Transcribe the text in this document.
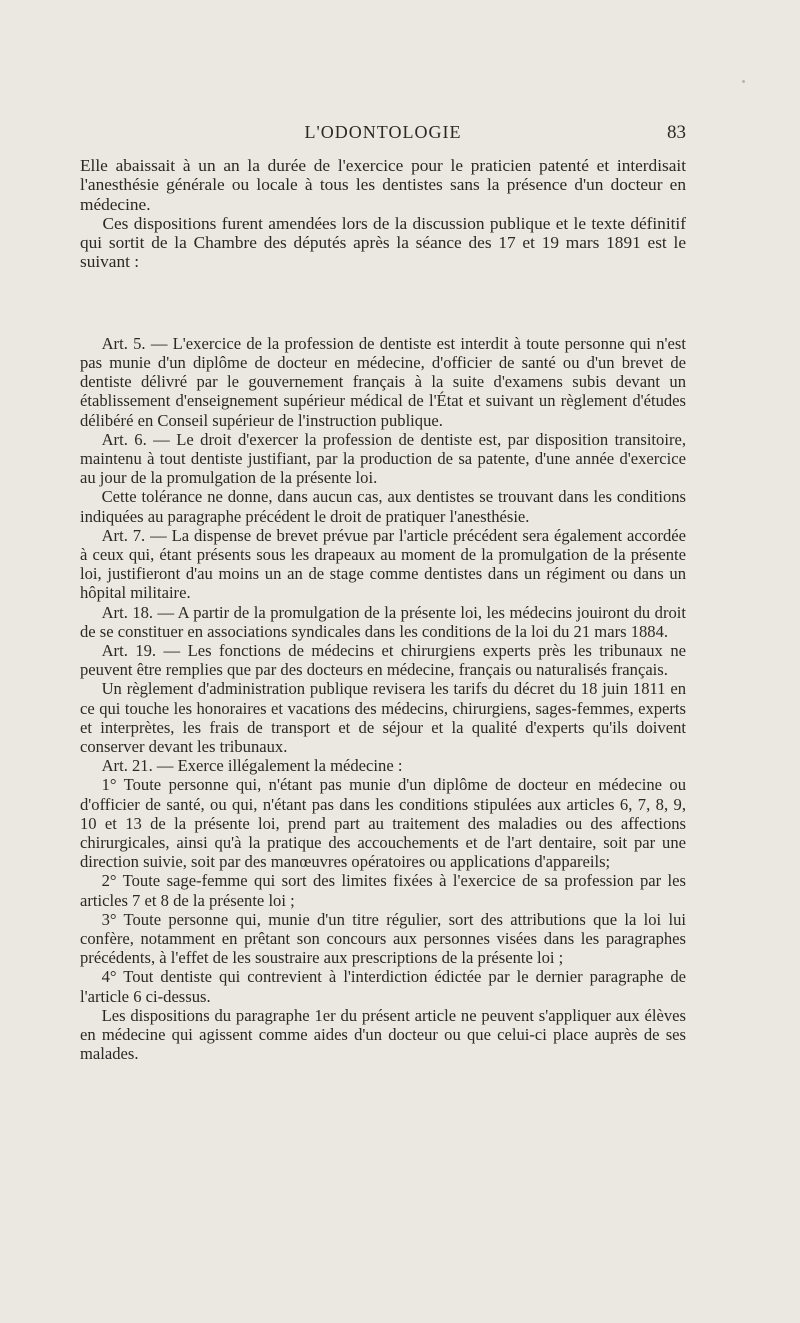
L'ODONTOLOGIE	83

Elle abaissait à un an la durée de l'exercice pour le praticien patenté et interdisait l'anesthésie générale ou locale à tous les dentistes sans la présence d'un docteur en médecine.

Ces dispositions furent amendées lors de la discussion publique et le texte définitif qui sortit de la Chambre des députés après la séance des 17 et 19 mars 1891 est le suivant :

Art. 5. — L'exercice de la profession de dentiste est interdit à toute personne qui n'est pas munie d'un diplôme de docteur en médecine, d'officier de santé ou d'un brevet de dentiste délivré par le gouvernement français à la suite d'examens subis devant un établissement d'enseignement supérieur médical de l'État et suivant un règlement d'études délibéré en Conseil supérieur de l'instruction publique.

Art. 6. — Le droit d'exercer la profession de dentiste est, par disposition transitoire, maintenu à tout dentiste justifiant, par la production de sa patente, d'une année d'exercice au jour de la promulgation de la présente loi.

Cette tolérance ne donne, dans aucun cas, aux dentistes se trouvant dans les conditions indiquées au paragraphe précédent le droit de pratiquer l'anesthésie.

Art. 7. — La dispense de brevet prévue par l'article précédent sera également accordée à ceux qui, étant présents sous les drapeaux au moment de la promulgation de la présente loi, justifieront d'au moins un an de stage comme dentistes dans un régiment ou dans un hôpital militaire.

Art. 18. — A partir de la promulgation de la présente loi, les médecins jouiront du droit de se constituer en associations syndicales dans les conditions de la loi du 21 mars 1884.

Art. 19. — Les fonctions de médecins et chirurgiens experts près les tribunaux ne peuvent être remplies que par des docteurs en médecine, français ou naturalisés français.

Un règlement d'administration publique revisera les tarifs du décret du 18 juin 1811 en ce qui touche les honoraires et vacations des médecins, chirurgiens, sages-femmes, experts et interprètes, les frais de transport et de séjour et la qualité d'experts qu'ils doivent conserver devant les tribunaux.

Art. 21. — Exerce illégalement la médecine :

1° Toute personne qui, n'étant pas munie d'un diplôme de docteur en médecine ou d'officier de santé, ou qui, n'étant pas dans les conditions stipulées aux articles 6, 7, 8, 9, 10 et 13 de la présente loi, prend part au traitement des maladies ou des affections chirurgicales, ainsi qu'à la pratique des accouchements et de l'art dentaire, soit par une direction suivie, soit par des manœuvres opératoires ou applications d'appareils;

2° Toute sage-femme qui sort des limites fixées à l'exercice de sa profession par les articles 7 et 8 de la présente loi ;

3° Toute personne qui, munie d'un titre régulier, sort des attributions que la loi lui confère, notamment en prêtant son concours aux personnes visées dans les paragraphes précédents, à l'effet de les soustraire aux prescriptions de la présente loi ;

4° Tout dentiste qui contrevient à l'interdiction édictée par le dernier paragraphe de l'article 6 ci-dessus.

Les dispositions du paragraphe 1er du présent article ne peuvent s'appliquer aux élèves en médecine qui agissent comme aides d'un docteur ou que celui-ci place auprès de ses malades.
